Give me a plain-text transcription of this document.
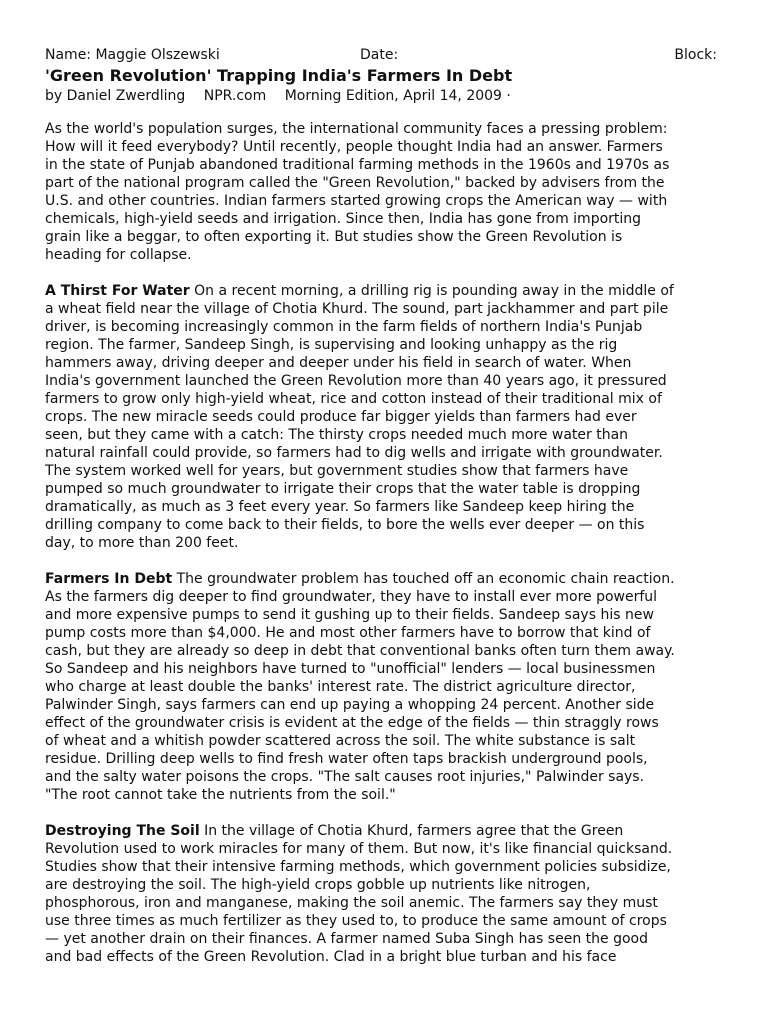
Name: Maggie Olszewski	Date:	Block:
'Green Revolution' Trapping India's Farmers In Debt
by Daniel Zwerdling NPR.com Morning Edition, April 14, 2009 ·
As the world's population surges, the international community faces a pressing problem:
How will it feed everybody? Until recently, people thought India had an answer. Farmers
in the state of Punjab abandoned traditional farming methods in the 1960s and 1970s as
part of the national program called the "Green Revolution," backed by advisers from the
U.S. and other countries. Indian farmers started growing crops the American way — with
chemicals, high-yield seeds and irrigation. Since then, India has gone from importing
grain like a beggar, to often exporting it. But studies show the Green Revolution is
heading for collapse.
A Thirst For Water On a recent morning, a drilling rig is pounding away in the middle of
a wheat field near the village of Chotia Khurd. The sound, part jackhammer and part pile
driver, is becoming increasingly common in the farm fields of northern India's Punjab
region. The farmer, Sandeep Singh, is supervising and looking unhappy as the rig
hammers away, driving deeper and deeper under his field in search of water. When
India's government launched the Green Revolution more than 40 years ago, it pressured
farmers to grow only high-yield wheat, rice and cotton instead of their traditional mix of
crops. The new miracle seeds could produce far bigger yields than farmers had ever
seen, but they came with a catch: The thirsty crops needed much more water than
natural rainfall could provide, so farmers had to dig wells and irrigate with groundwater.
The system worked well for years, but government studies show that farmers have
pumped so much groundwater to irrigate their crops that the water table is dropping
dramatically, as much as 3 feet every year. So farmers like Sandeep keep hiring the
drilling company to come back to their fields, to bore the wells ever deeper — on this
day, to more than 200 feet.
Farmers In Debt The groundwater problem has touched off an economic chain reaction.
As the farmers dig deeper to find groundwater, they have to install ever more powerful
and more expensive pumps to send it gushing up to their fields. Sandeep says his new
pump costs more than $4,000. He and most other farmers have to borrow that kind of
cash, but they are already so deep in debt that conventional banks often turn them away.
So Sandeep and his neighbors have turned to "unofficial" lenders — local businessmen
who charge at least double the banks' interest rate. The district agriculture director,
Palwinder Singh, says farmers can end up paying a whopping 24 percent. Another side
effect of the groundwater crisis is evident at the edge of the fields — thin straggly rows
of wheat and a whitish powder scattered across the soil. The white substance is salt
residue. Drilling deep wells to find fresh water often taps brackish underground pools,
and the salty water poisons the crops. "The salt causes root injuries," Palwinder says.
"The root cannot take the nutrients from the soil."
Destroying The Soil In the village of Chotia Khurd, farmers agree that the Green
Revolution used to work miracles for many of them. But now, it's like financial quicksand.
Studies show that their intensive farming methods, which government policies subsidize,
are destroying the soil. The high-yield crops gobble up nutrients like nitrogen,
phosphorous, iron and manganese, making the soil anemic. The farmers say they must
use three times as much fertilizer as they used to, to produce the same amount of crops
— yet another drain on their finances. A farmer named Suba Singh has seen the good
and bad effects of the Green Revolution. Clad in a bright blue turban and his face
